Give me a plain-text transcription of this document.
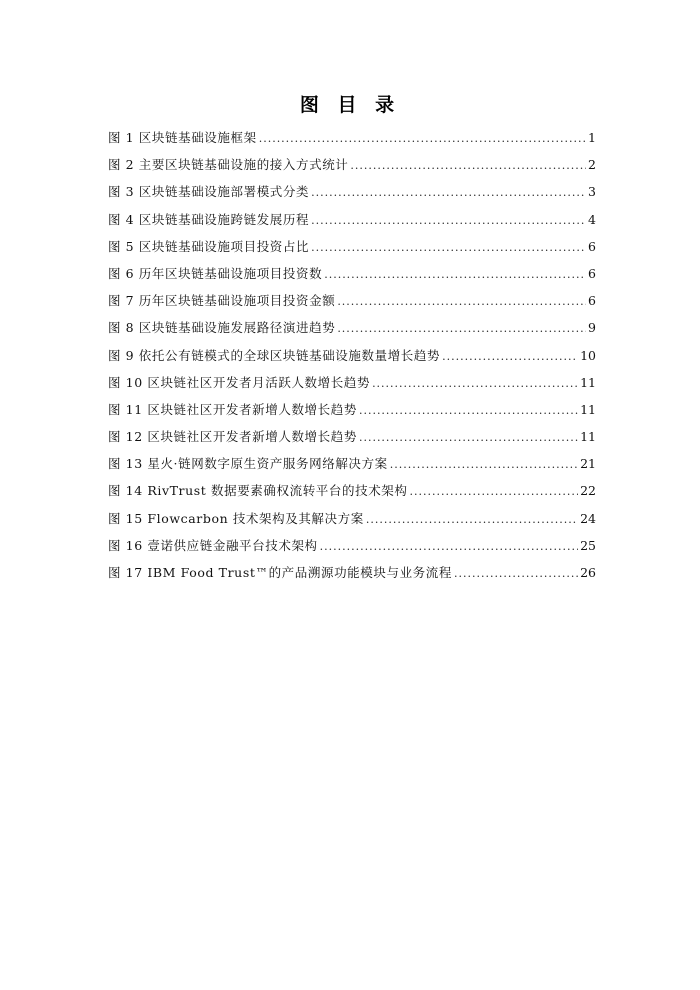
图 目 录
图 1 区块链基础设施框架 .....	1
图 2 主要区块链基础设施的接入方式统计 .....	2
图 3 区块链基础设施部署模式分类 .....	3
图 4 区块链基础设施跨链发展历程 .....	4
图 5 区块链基础设施项目投资占比 .....	6
图 6 历年区块链基础设施项目投资数 .....	6
图 7 历年区块链基础设施项目投资金额 .....	6
图 8 区块链基础设施发展路径演进趋势 .....	9
图 9 依托公有链模式的全球区块链基础设施数量增长趋势 .....	10
图 10 区块链社区开发者月活跃人数增长趋势 .....	11
图 11 区块链社区开发者新增人数增长趋势 .....	11
图 12 区块链社区开发者新增人数增长趋势 .....	11
图 13 星火·链网数字原生资产服务网络解决方案 .....	21
图 14 RivTrust 数据要素确权流转平台的技术架构 .....	22
图 15 Flowcarbon 技术架构及其解决方案 .....	24
图 16 壹诺供应链金融平台技术架构 .....	25
图 17 IBM Food Trust™的产品溯源功能模块与业务流程 .....	26
